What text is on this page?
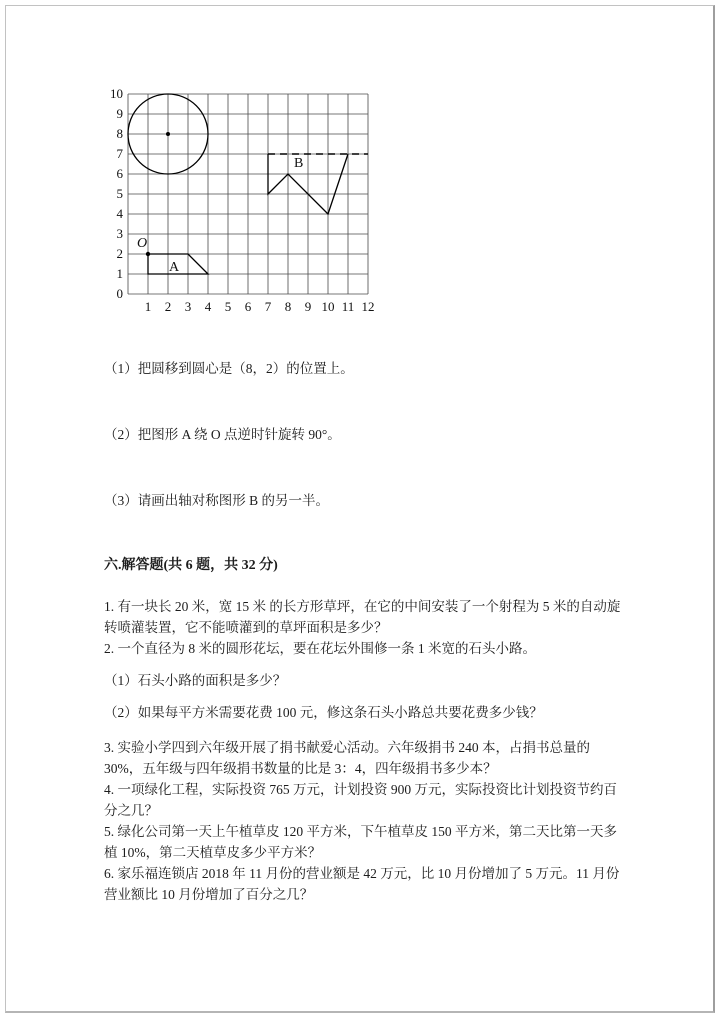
0
1
2
3
4
5
6
7
8
9
10
1 2 3 4 5 6 7 8 9 10 11 12
B
O
A
（1）把圆移到圆心是（8，2）的位置上。
（2）把图形 A 绕 O 点逆时针旋转 90°。
（3）请画出轴对称图形 B 的另一半。
六.解答题(共 6 题，共 32 分)

1. 有一块长 20 米，宽 15 米 的长方形草坪，在它的中间安装了一个射程为 5 米的自动旋转喷灌装置，它不能喷灌到的草坪面积是多少？

2. 一个直径为 8 米的圆形花坛，要在花坛外围修一条 1 米宽的石头小路。

（1）石头小路的面积是多少？

（2）如果每平方米需要花费 100 元，修这条石头小路总共要花费多少钱？

3. 实验小学四到六年级开展了捐书献爱心活动。六年级捐书 240 本，占捐书总量的 30%，五年级与四年级捐书数量的比是 3：4，四年级捐书多少本？

4. 一项绿化工程，实际投资 765 万元，计划投资 900 万元，实际投资比计划投资节约百分之几？

5. 绿化公司第一天上午植草皮 120 平方米，下午植草皮 150 平方米，第二天比第一天多植 10%，第二天植草皮多少平方米？

6. 家乐福连锁店 2018 年 11 月份的营业额是 42 万元，比 10 月份增加了 5 万元。11 月份营业额比 10 月份增加了百分之几？
